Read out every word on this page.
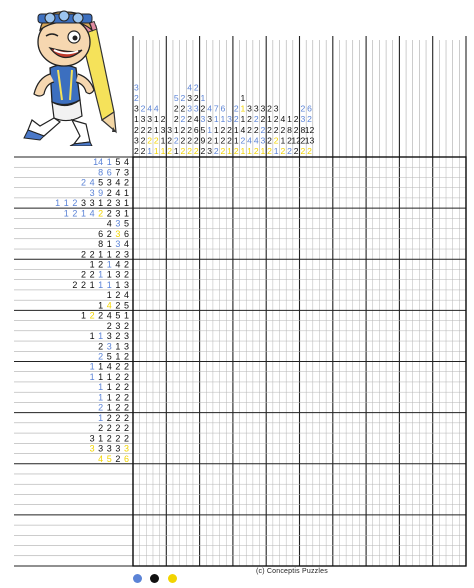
3
2
3
1
2
3
2
2
3
2
2
2
4
3
2
2
1
4
1
1
2
1
2
3
1
1
3
2
2
5
2
2
1
2
1
2
2
2
2
2
2
4
3
3
2
2
2
2
2
2
3
4
6
2
2
1
2
3
5
9
2
4
3
1
2
3
7
1
1
1
2
6
1
2
2
2
3
2
2
1
2
2
1
1
2
1
1
1
4
2
1
3
2
2
4
1
3
2
2
4
2
3
2
2
3
1
2
1
2
2
2
3
2
2
2
1
4
2
1
2
1
8
2
2
2
2
12
2
2
3
8
2
2
6
2
12
13
2
14 1 5 4
8 6 7 3
2 4 5 3 4 2
3 9 2 4 1
1 1 2 3 3 1 2 3 1
1 2 1 4 2 2 3 1
4 3 5
6 2 3 6
8 1 3 4
2 2 1 1 2 3
1 2 1 4 2
2 2 1 1 3 2
2 2 1 1 1 1 3
1 2 4
1 4 2 5
1 2 2 4 5 1
2 3 2
1 1 3 2 3
2 3 1 3
2 5 1 2
1 1 4 2 2
1 1 1 2 2
1 1 2 2
1 1 2 2
2 1 2 2
1 2 2 2
2 2 2 2
3 1 2 2 2
3 3 3 3 3
4 5 2 6

(c) Conceptis Puzzles
